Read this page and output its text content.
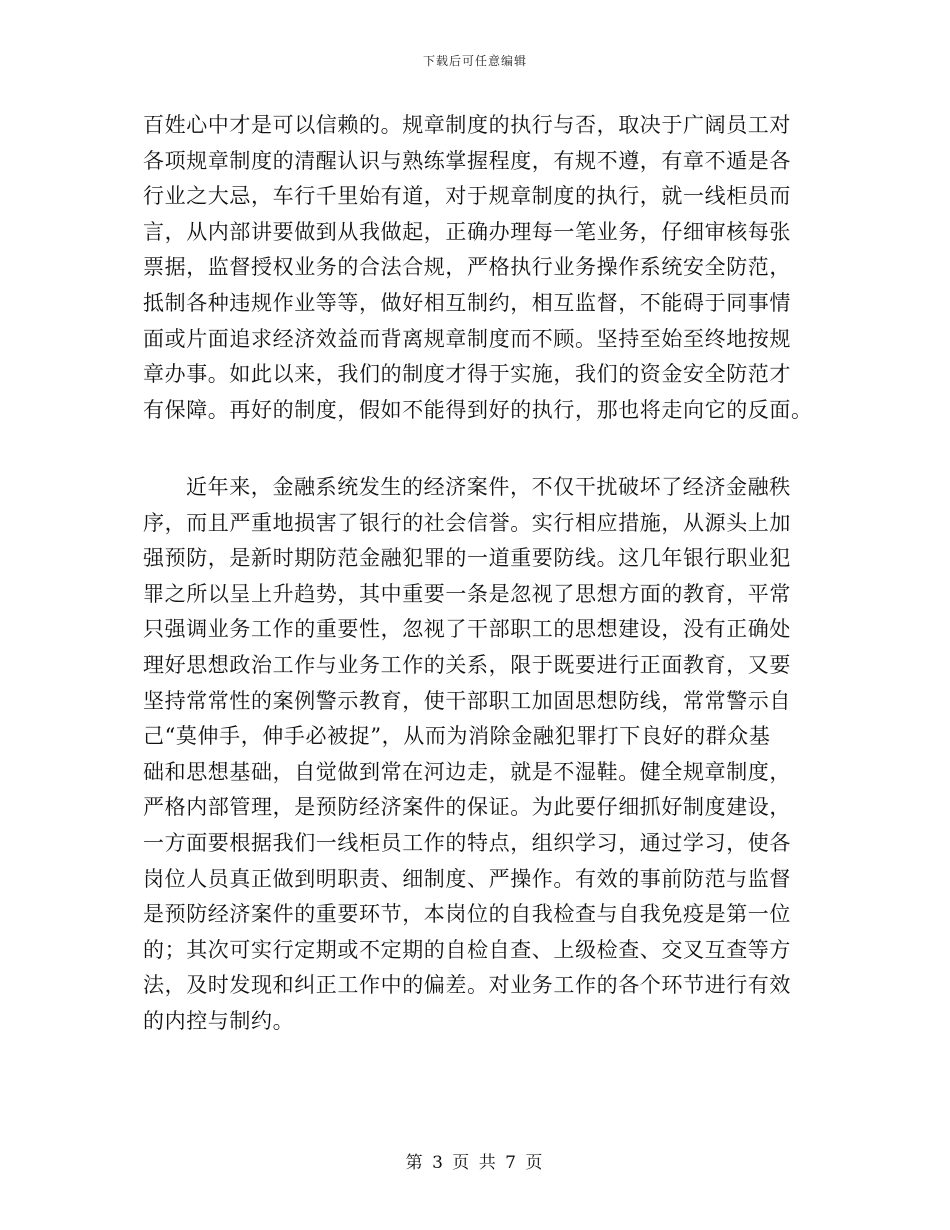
下载后可任意编辑
百姓心中才是可以信赖的。规章制度的执行与否，取决于广阔员工对
各项规章制度的清醒认识与熟练掌握程度，有规不遵，有章不遁是各
行业之大忌，车行千里始有道，对于规章制度的执行，就一线柜员而
言，从内部讲要做到从我做起，正确办理每一笔业务，仔细审核每张
票据，监督授权业务的合法合规，严格执行业务操作系统安全防范，
抵制各种违规作业等等，做好相互制约，相互监督，不能碍于同事情
面或片面追求经济效益而背离规章制度而不顾。坚持至始至终地按规
章办事。如此以来，我们的制度才得于实施，我们的资金安全防范才
有保障。再好的制度，假如不能得到好的执行，那也将走向它的反面。
近年来，金融系统发生的经济案件，不仅干扰破坏了经济金融秩
序，而且严重地损害了银行的社会信誉。实行相应措施，从源头上加
强预防，是新时期防范金融犯罪的一道重要防线。这几年银行职业犯
罪之所以呈上升趋势，其中重要一条是忽视了思想方面的教育，平常
只强调业务工作的重要性，忽视了干部职工的思想建设，没有正确处
理好思想政治工作与业务工作的关系，限于既要进行正面教育，又要
坚持常常性的案例警示教育，使干部职工加固思想防线，常常警示自
己“莫伸手，伸手必被捉”，从而为消除金融犯罪打下良好的群众基
础和思想基础，自觉做到常在河边走，就是不湿鞋。健全规章制度，
严格内部管理，是预防经济案件的保证。为此要仔细抓好制度建设，
一方面要根据我们一线柜员工作的特点，组织学习，通过学习，使各
岗位人员真正做到明职责、细制度、严操作。有效的事前防范与监督
是预防经济案件的重要环节，本岗位的自我检查与自我免疫是第一位
的；其次可实行定期或不定期的自检自查、上级检查、交叉互查等方
法，及时发现和纠正工作中的偏差。对业务工作的各个环节进行有效
的内控与制约。
第 3 页 共 7 页
